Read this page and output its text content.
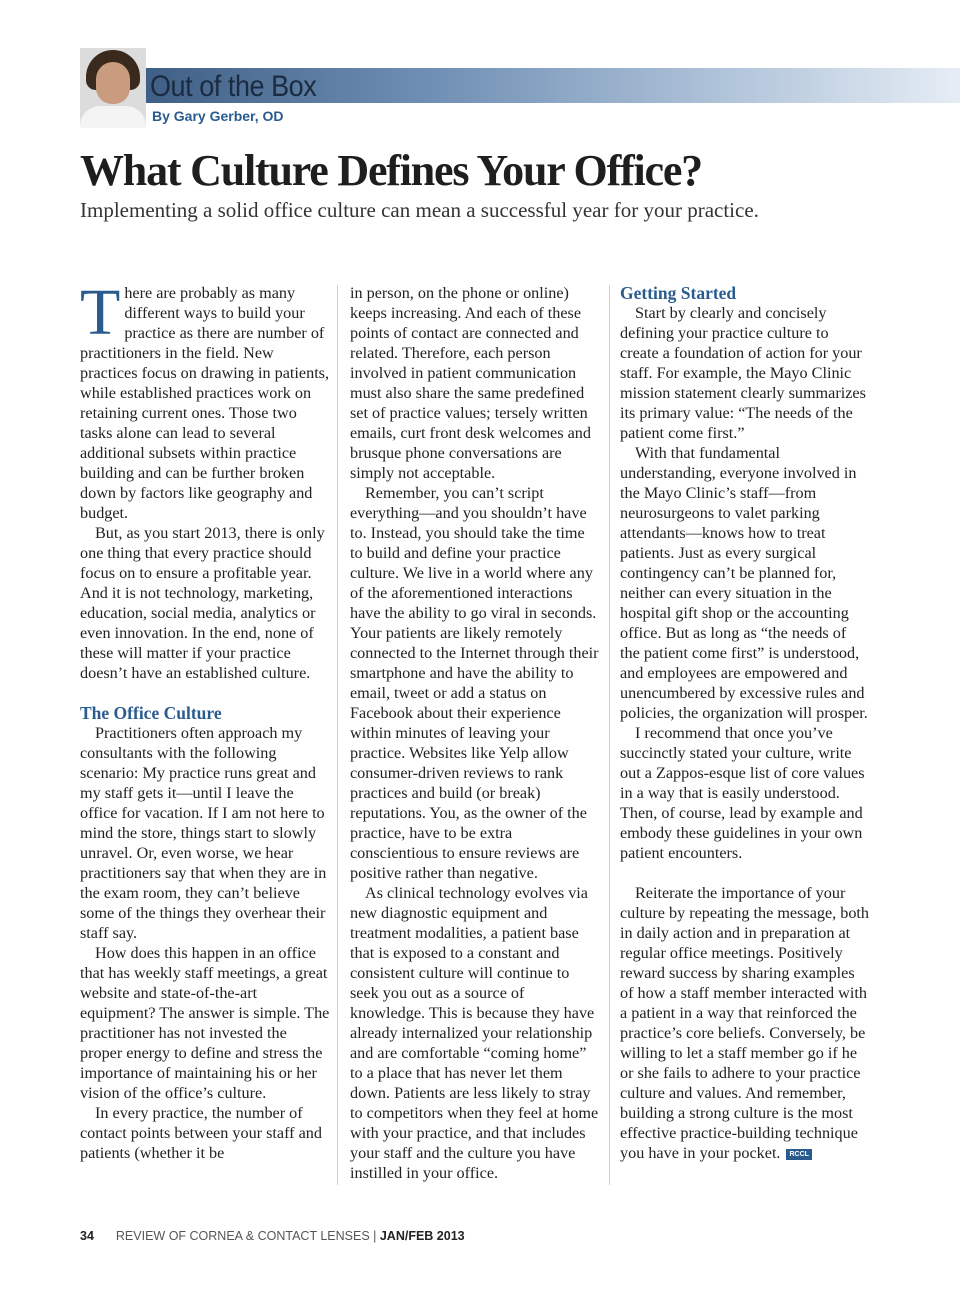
Out of the Box
By Gary Gerber, OD
What Culture Defines Your Office?
Implementing a solid office culture can mean a successful year for your practice.

There are probably as many different ways to build your practice as there are number of practitioners in the field. New practices focus on drawing in patients, while established practices work on retaining current ones. Those two tasks alone can lead to several additional subsets within practice building and can be further broken down by factors like geography and budget.

But, as you start 2013, there is only one thing that every practice should focus on to ensure a profitable year. And it is not technology, marketing, education, social media, analytics or even innovation. In the end, none of these will matter if your practice doesn’t have an established culture.

The Office Culture

Practitioners often approach my consultants with the following scenario: My practice runs great and my staff gets it—until I leave the office for vacation. If I am not here to mind the store, things start to slowly unravel. Or, even worse, we hear practitioners say that when they are in the exam room, they can’t believe some of the things they overhear their staff say.

How does this happen in an office that has weekly staff meetings, a great website and state-of-the-art equipment? The answer is simple. The practitioner has not invested the proper energy to define and stress the importance of maintaining his or her vision of the office’s culture.

In every practice, the number of contact points between your staff and patients (whether it be

in person, on the phone or online) keeps increasing. And each of these points of contact are connected and related. Therefore, each person involved in patient communication must also share the same predefined set of practice values; tersely written emails, curt front desk welcomes and brusque phone conversations are simply not acceptable.

Remember, you can’t script everything—and you shouldn’t have to. Instead, you should take the time to build and define your practice culture. We live in a world where any of the aforementioned interactions have the ability to go viral in seconds. Your patients are likely remotely connected to the Internet through their smartphone and have the ability to email, tweet or add a status on Facebook about their experience within minutes of leaving your practice. Websites like Yelp allow consumer-driven reviews to rank practices and build (or break) reputations. You, as the owner of the practice, have to be extra conscientious to ensure reviews are positive rather than negative.

As clinical technology evolves via new diagnostic equipment and treatment modalities, a patient base that is exposed to a constant and consistent culture will continue to seek you out as a source of knowledge. This is because they have already internalized your relationship and are comfortable “coming home” to a place that has never let them down. Patients are less likely to stray to competitors when they feel at home with your practice, and that includes your staff and the culture you have instilled in your office.

Getting Started

Start by clearly and concisely defining your practice culture to create a foundation of action for your staff. For example, the Mayo Clinic mission statement clearly summarizes its primary value: “The needs of the patient come first.”

With that fundamental understanding, everyone involved in the Mayo Clinic’s staff—from neurosurgeons to valet parking attendants—knows how to treat patients. Just as every surgical contingency can’t be planned for, neither can every situation in the hospital gift shop or the accounting office. But as long as “the needs of the patient come first” is understood, and employees are empowered and unencumbered by excessive rules and policies, the organization will prosper.

I recommend that once you’ve succinctly stated your culture, write out a Zappos-esque list of core values in a way that is easily understood. Then, of course, lead by example and embody these guidelines in your own patient encounters.

Reiterate the importance of your culture by repeating the message, both in daily action and in preparation at regular office meetings. Positively reward success by sharing examples of how a staff member interacted with a patient in a way that reinforced the practice’s core beliefs. Conversely, be willing to let a staff member go if he or she fails to adhere to your practice culture and values. And remember, building a strong culture is the most effective practice-building technique you have in your pocket. RCCL

34 REVIEW OF CORNEA & CONTACT LENSES | JAN/FEB 2013
